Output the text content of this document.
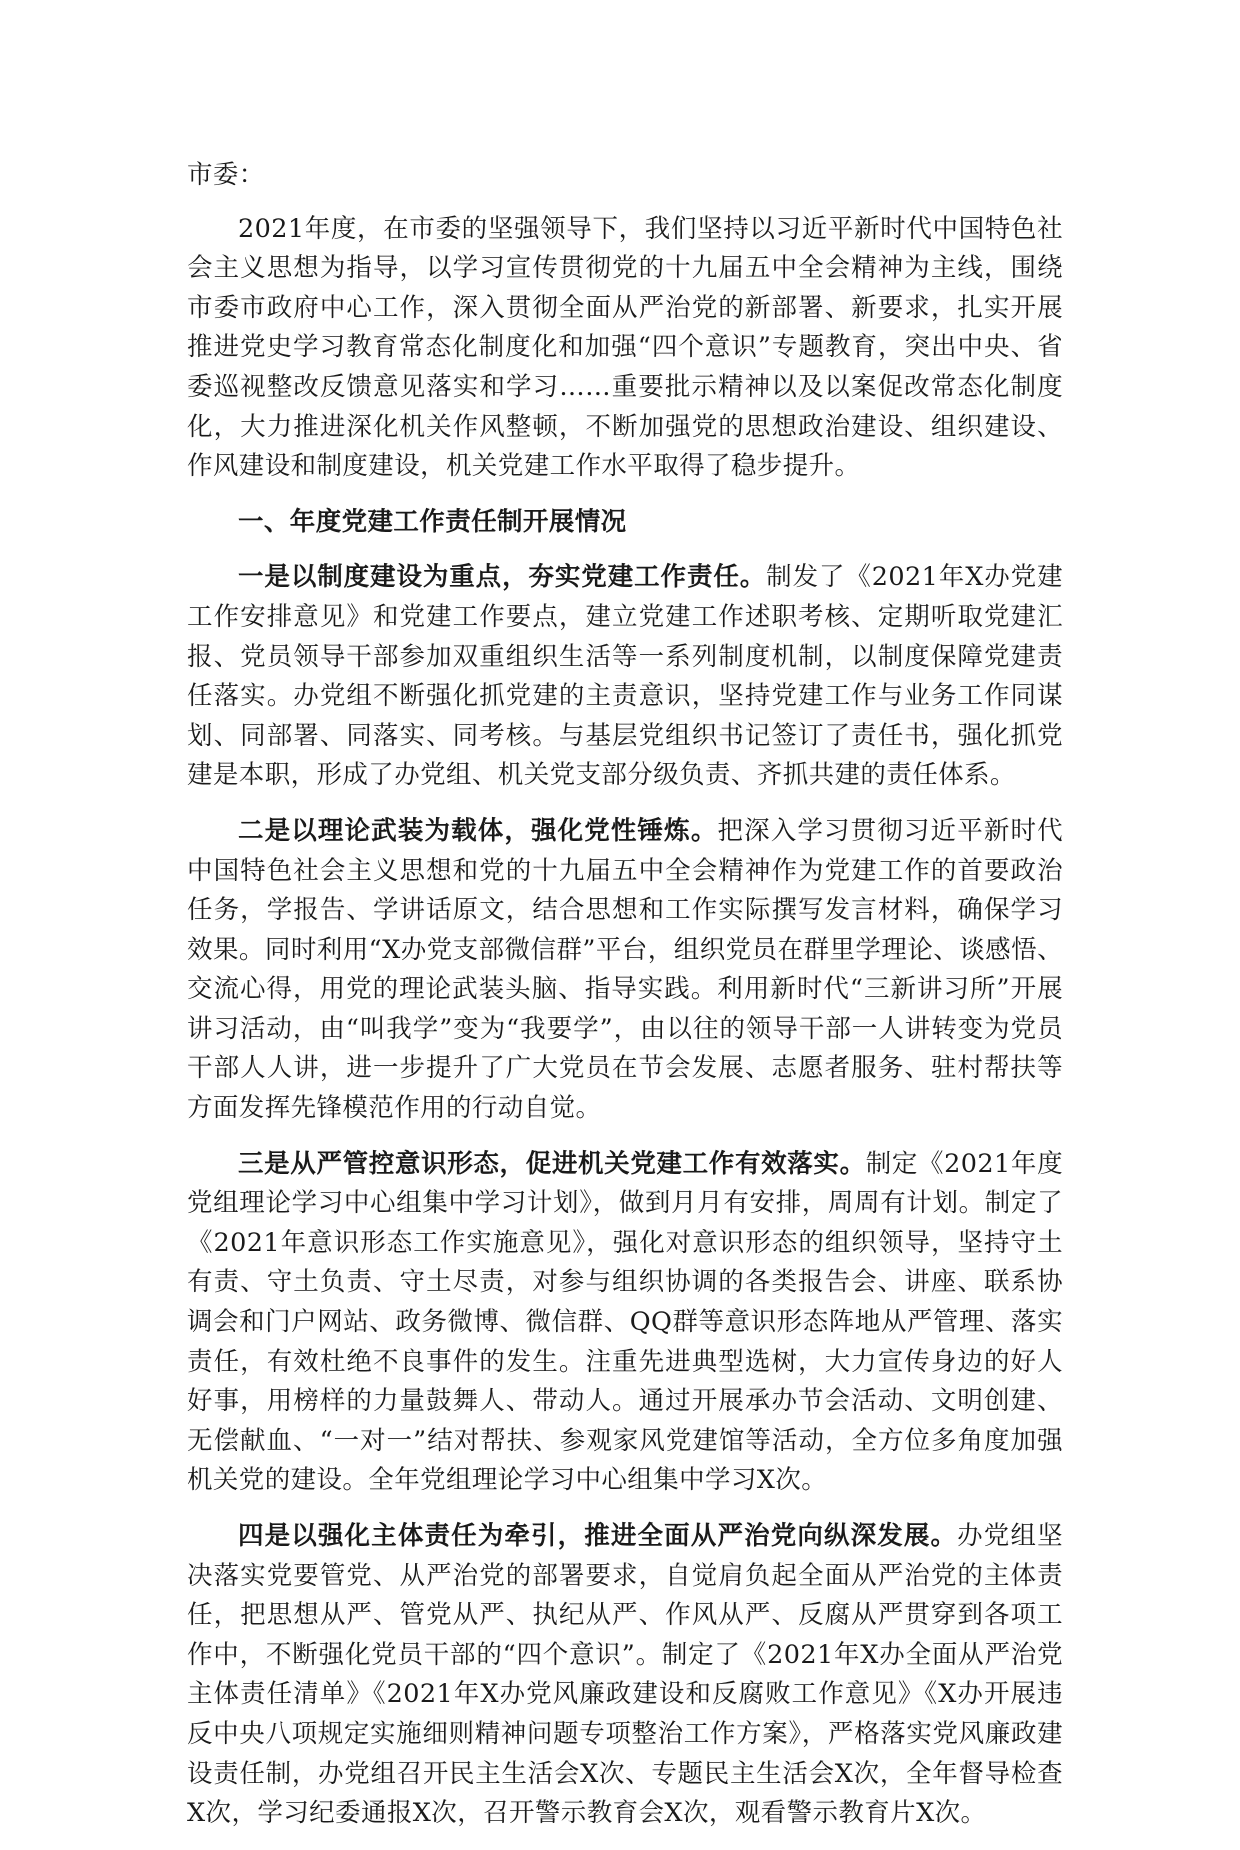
市委：

2021年度，在市委的坚强领导下，我们坚持以习近平新时代中国特色社会主义思想为指导，以学习宣传贯彻党的十九届五中全会精神为主线，围绕市委市政府中心工作，深入贯彻全面从严治党的新部署、新要求，扎实开展推进党史学习教育常态化制度化和加强“四个意识”专题教育，突出中央、省委巡视整改反馈意见落实和学习……重要批示精神以及以案促改常态化制度化，大力推进深化机关作风整顿，不断加强党的思想政治建设、组织建设、作风建设和制度建设，机关党建工作水平取得了稳步提升。

一、年度党建工作责任制开展情况

一是以制度建设为重点，夯实党建工作责任。制发了《2021年X办党建工作安排意见》和党建工作要点，建立党建工作述职考核、定期听取党建汇报、党员领导干部参加双重组织生活等一系列制度机制，以制度保障党建责任落实。办党组不断强化抓党建的主责意识，坚持党建工作与业务工作同谋划、同部署、同落实、同考核。与基层党组织书记签订了责任书，强化抓党建是本职，形成了办党组、机关党支部分级负责、齐抓共建的责任体系。

二是以理论武装为载体，强化党性锤炼。把深入学习贯彻习近平新时代中国特色社会主义思想和党的十九届五中全会精神作为党建工作的首要政治任务，学报告、学讲话原文，结合思想和工作实际撰写发言材料，确保学习效果。同时利用“X办党支部微信群”平台，组织党员在群里学理论、谈感悟、交流心得，用党的理论武装头脑、指导实践。利用新时代“三新讲习所”开展讲习活动，由“叫我学”变为“我要学”，由以往的领导干部一人讲转变为党员干部人人讲，进一步提升了广大党员在节会发展、志愿者服务、驻村帮扶等方面发挥先锋模范作用的行动自觉。

三是从严管控意识形态，促进机关党建工作有效落实。制定《2021年度党组理论学习中心组集中学习计划》，做到月月有安排，周周有计划。制定了《2021年意识形态工作实施意见》，强化对意识形态的组织领导，坚持守土有责、守土负责、守土尽责，对参与组织协调的各类报告会、讲座、联系协调会和门户网站、政务微博、微信群、QQ群等意识形态阵地从严管理、落实责任，有效杜绝不良事件的发生。注重先进典型选树，大力宣传身边的好人好事，用榜样的力量鼓舞人、带动人。通过开展承办节会活动、文明创建、无偿献血、“一对一”结对帮扶、参观家风党建馆等活动，全方位多角度加强机关党的建设。全年党组理论学习中心组集中学习X次。

四是以强化主体责任为牵引，推进全面从严治党向纵深发展。办党组坚决落实党要管党、从严治党的部署要求，自觉肩负起全面从严治党的主体责任，把思想从严、管党从严、执纪从严、作风从严、反腐从严贯穿到各项工作中，不断强化党员干部的“四个意识”。制定了《2021年X办全面从严治党主体责任清单》《2021年X办党风廉政建设和反腐败工作意见》《X办开展违反中央八项规定实施细则精神问题专项整治工作方案》，严格落实党风廉政建设责任制，办党组召开民主生活会X次、专题民主生活会X次，全年督导检查X次，学习纪委通报X次，召开警示教育会X次，观看警示教育片X次。
